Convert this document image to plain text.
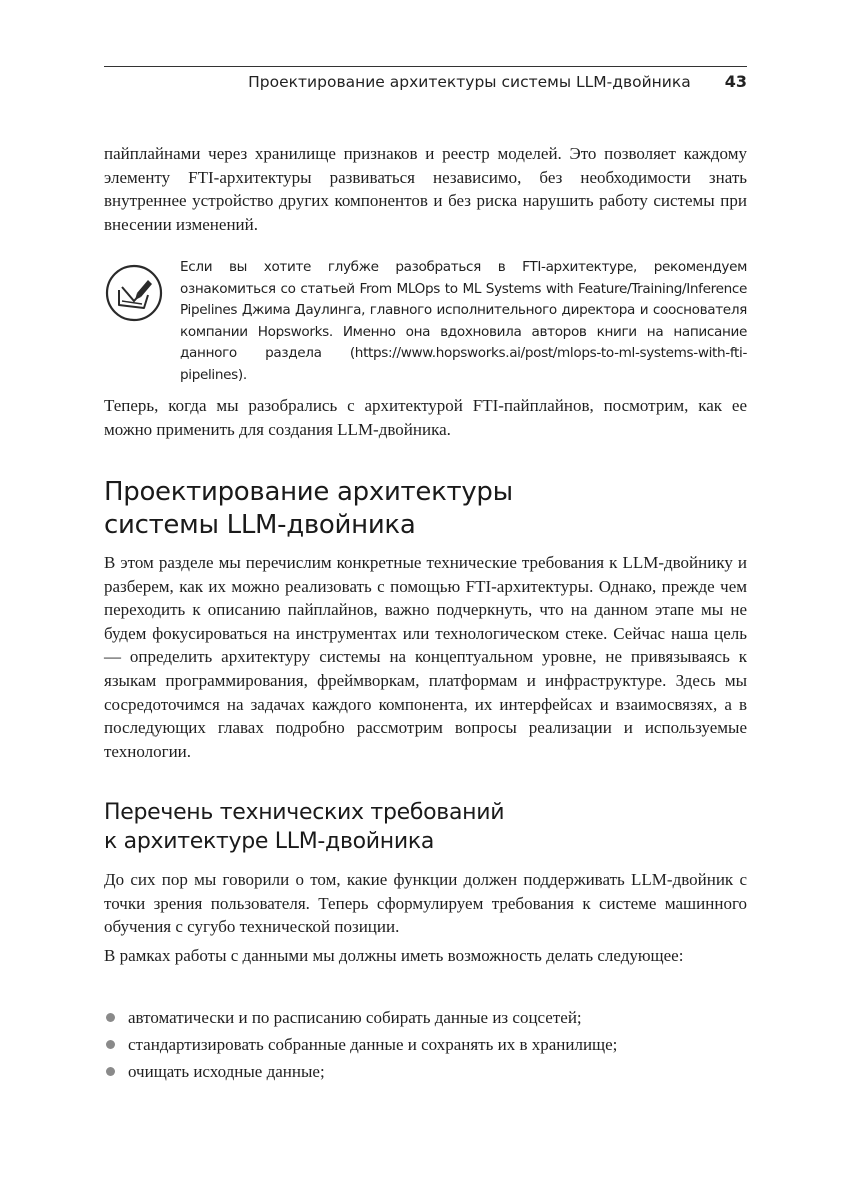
Проектирование архитектуры системы LLM-двойника 43

пайплайнами через хранилище признаков и реестр моделей. Это позволяет каждому элементу FTI-архитектуры развиваться независимо, без необходимости знать внутреннее устройство других компонентов и без риска нарушить работу системы при внесении изменений.

Если вы хотите глубже разобраться в FTI-архитектуре, рекомендуем ознакомиться со статьей From MLOps to ML Systems with Feature/Training/Inference Pipelines Джима Даулинга, главного исполнительного директора и сооснователя компании Hopsworks. Именно она вдохновила авторов книги на написание данного раздела (https://www.hopsworks.ai/post/mlops-to-ml-systems-with-fti-pipelines).

Теперь, когда мы разобрались с архитектурой FTI-пайплайнов, посмотрим, как ее можно применить для создания LLM-двойника.

Проектирование архитектуры
системы LLM-двойника

В этом разделе мы перечислим конкретные технические требования к LLM-двойнику и разберем, как их можно реализовать с помощью FTI-архитектуры. Однако, прежде чем переходить к описанию пайплайнов, важно подчеркнуть, что на данном этапе мы не будем фокусироваться на инструментах или технологическом стеке. Сейчас наша цель — определить архитектуру системы на концептуальном уровне, не привязываясь к языкам программирования, фреймворкам, платформам и инфраструктуре. Здесь мы сосредоточимся на задачах каждого компонента, их интерфейсах и взаимосвязях, а в последующих главах подробно рассмотрим вопросы реализации и используемые технологии.

Перечень технических требований
к архитектуре LLM-двойника

До сих пор мы говорили о том, какие функции должен поддерживать LLM-двойник с точки зрения пользователя. Теперь сформулируем требования к системе машинного обучения с сугубо технической позиции.

В рамках работы с данными мы должны иметь возможность делать следующее:

автоматически и по расписанию собирать данные из соцсетей;
стандартизировать собранные данные и сохранять их в хранилище;
очищать исходные данные;
